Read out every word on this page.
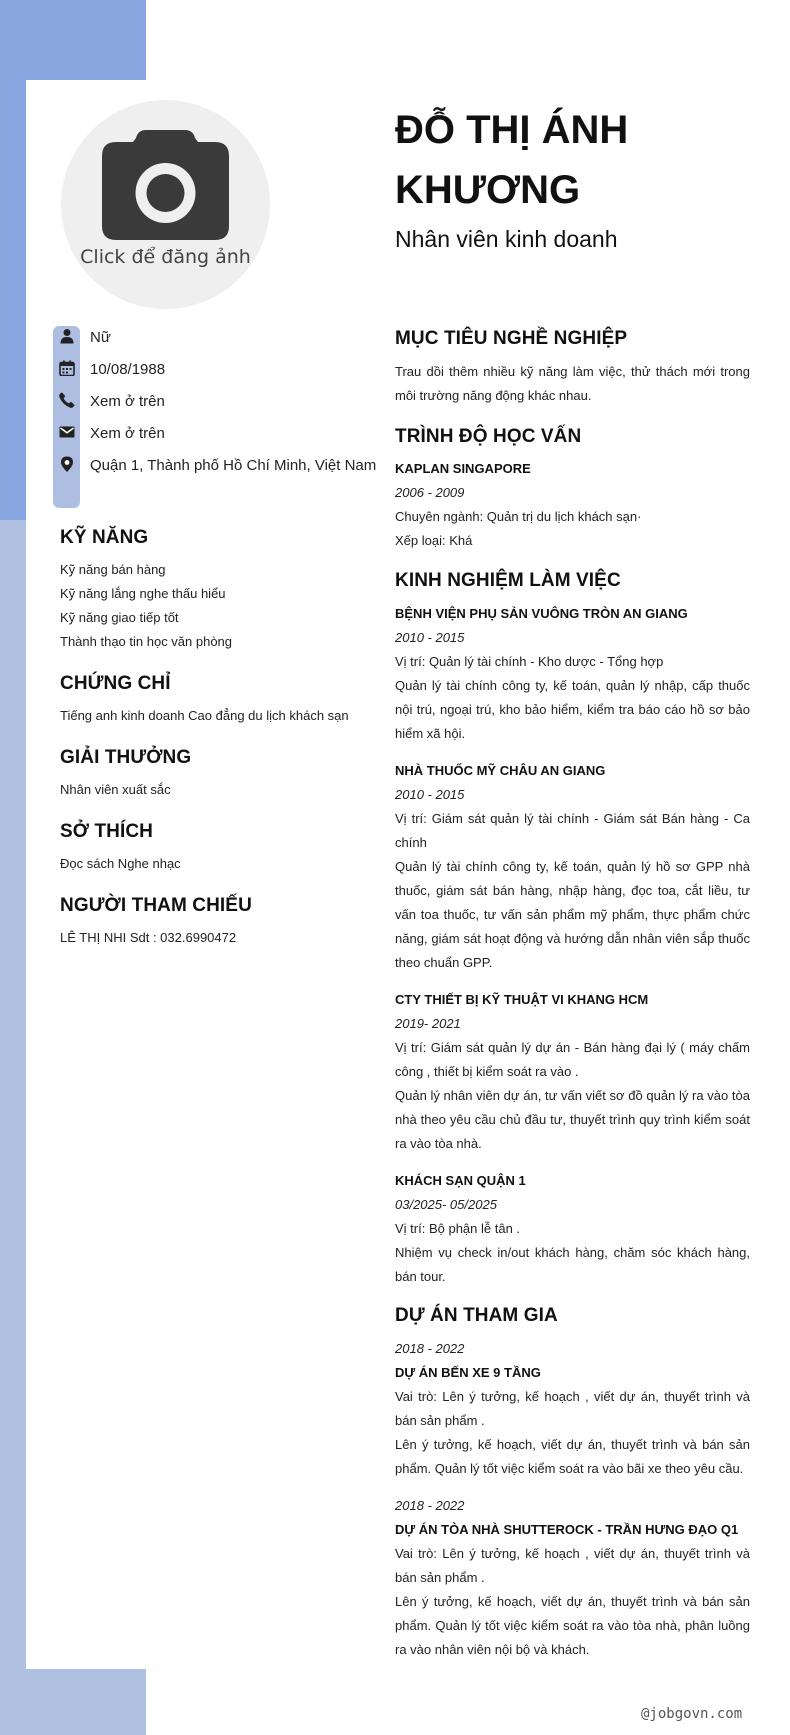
Click để đăng ảnh
ĐỖ THỊ ÁNH
KHƯƠNG
Nhân viên kinh doanh
Nữ
10/08/1988
Xem ở trên
Xem ở trên
Quận 1, Thành phố Hồ Chí Minh, Việt Nam
KỸ NĂNG
Kỹ năng bán hàng
Kỹ năng lắng nghe thấu hiểu
Kỹ năng giao tiếp tốt
Thành thạo tin học văn phòng
CHỨNG CHỈ
Tiếng anh kinh doanh Cao đẳng du lịch khách sạn
GIẢI THƯỞNG
Nhân viên xuất sắc
SỞ THÍCH
Đọc sách Nghe nhạc
NGƯỜI THAM CHIẾU
LÊ THỊ NHI Sdt : 032.6990472
MỤC TIÊU NGHỀ NGHIỆP
Trau dồi thêm nhiều kỹ năng làm việc, thử thách mới trong môi trường năng động khác nhau.
TRÌNH ĐỘ HỌC VẤN
KAPLAN SINGAPORE
2006 - 2009
Chuyên ngành: Quản trị du lịch khách sạn·
Xếp loại: Khá
KINH NGHIỆM LÀM VIỆC
BỆNH VIỆN PHỤ SẢN VUÔNG TRÒN AN GIANG
2010 - 2015
Vị trí: Quản lý tài chính - Kho dược - Tổng hợp
Quản lý tài chính công ty, kế toán, quản lý nhập, cấp thuốc nội trú, ngoại trú, kho bảo hiểm, kiểm tra báo cáo hồ sơ bảo hiểm xã hội.
NHÀ THUỐC MỸ CHÂU AN GIANG
2010 - 2015
Vị trí: Giám sát quản lý tài chính - Giám sát Bán hàng - Ca chính
Quản lý tài chính công ty, kế toán, quản lý hồ sơ GPP nhà thuốc, giám sát bán hàng, nhập hàng, đọc toa, cắt liều, tư vấn toa thuốc, tư vấn sản phẩm mỹ phẩm, thực phẩm chức năng, giám sát hoạt động và hướng dẫn nhân viên sắp thuốc theo chuẩn GPP.
CTY THIẾT BỊ KỸ THUẬT VI KHANG HCM
2019- 2021
Vị trí: Giám sát quản lý dự án - Bán hàng đại lý ( máy chấm công , thiết bị kiểm soát ra vào .
Quản lý nhân viên dự án, tư vấn viết sơ đồ quản lý ra vào tòa nhà theo yêu cầu chủ đầu tư, thuyết trình quy trình kiểm soát ra vào tòa nhà.
KHÁCH SẠN QUẬN 1
03/2025- 05/2025
Vị trí: Bộ phận lễ tân .
Nhiệm vụ check in/out khách hàng, chăm sóc khách hàng, bán tour.
DỰ ÁN THAM GIA
2018 - 2022
DỰ ÁN BẾN XE 9 TẦNG
Vai trò: Lên ý tưởng, kế hoạch , viết dự án, thuyết trình và bán sản phẩm .
Lên ý tưởng, kế hoạch, viết dự án, thuyết trình và bán sản phẩm. Quản lý tốt việc kiểm soát ra vào bãi xe theo yêu cầu.
2018 - 2022
DỰ ÁN TÒA NHÀ SHUTTEROCK - TRẦN HƯNG ĐẠO Q1
Vai trò: Lên ý tưởng, kế hoạch , viết dự án, thuyết trình và bán sản phẩm .
Lên ý tưởng, kế hoạch, viết dự án, thuyết trình và bán sản phẩm. Quản lý tốt việc kiểm soát ra vào tòa nhà, phân luồng ra vào nhân viên nội bộ và khách.
@jobgovn.com
